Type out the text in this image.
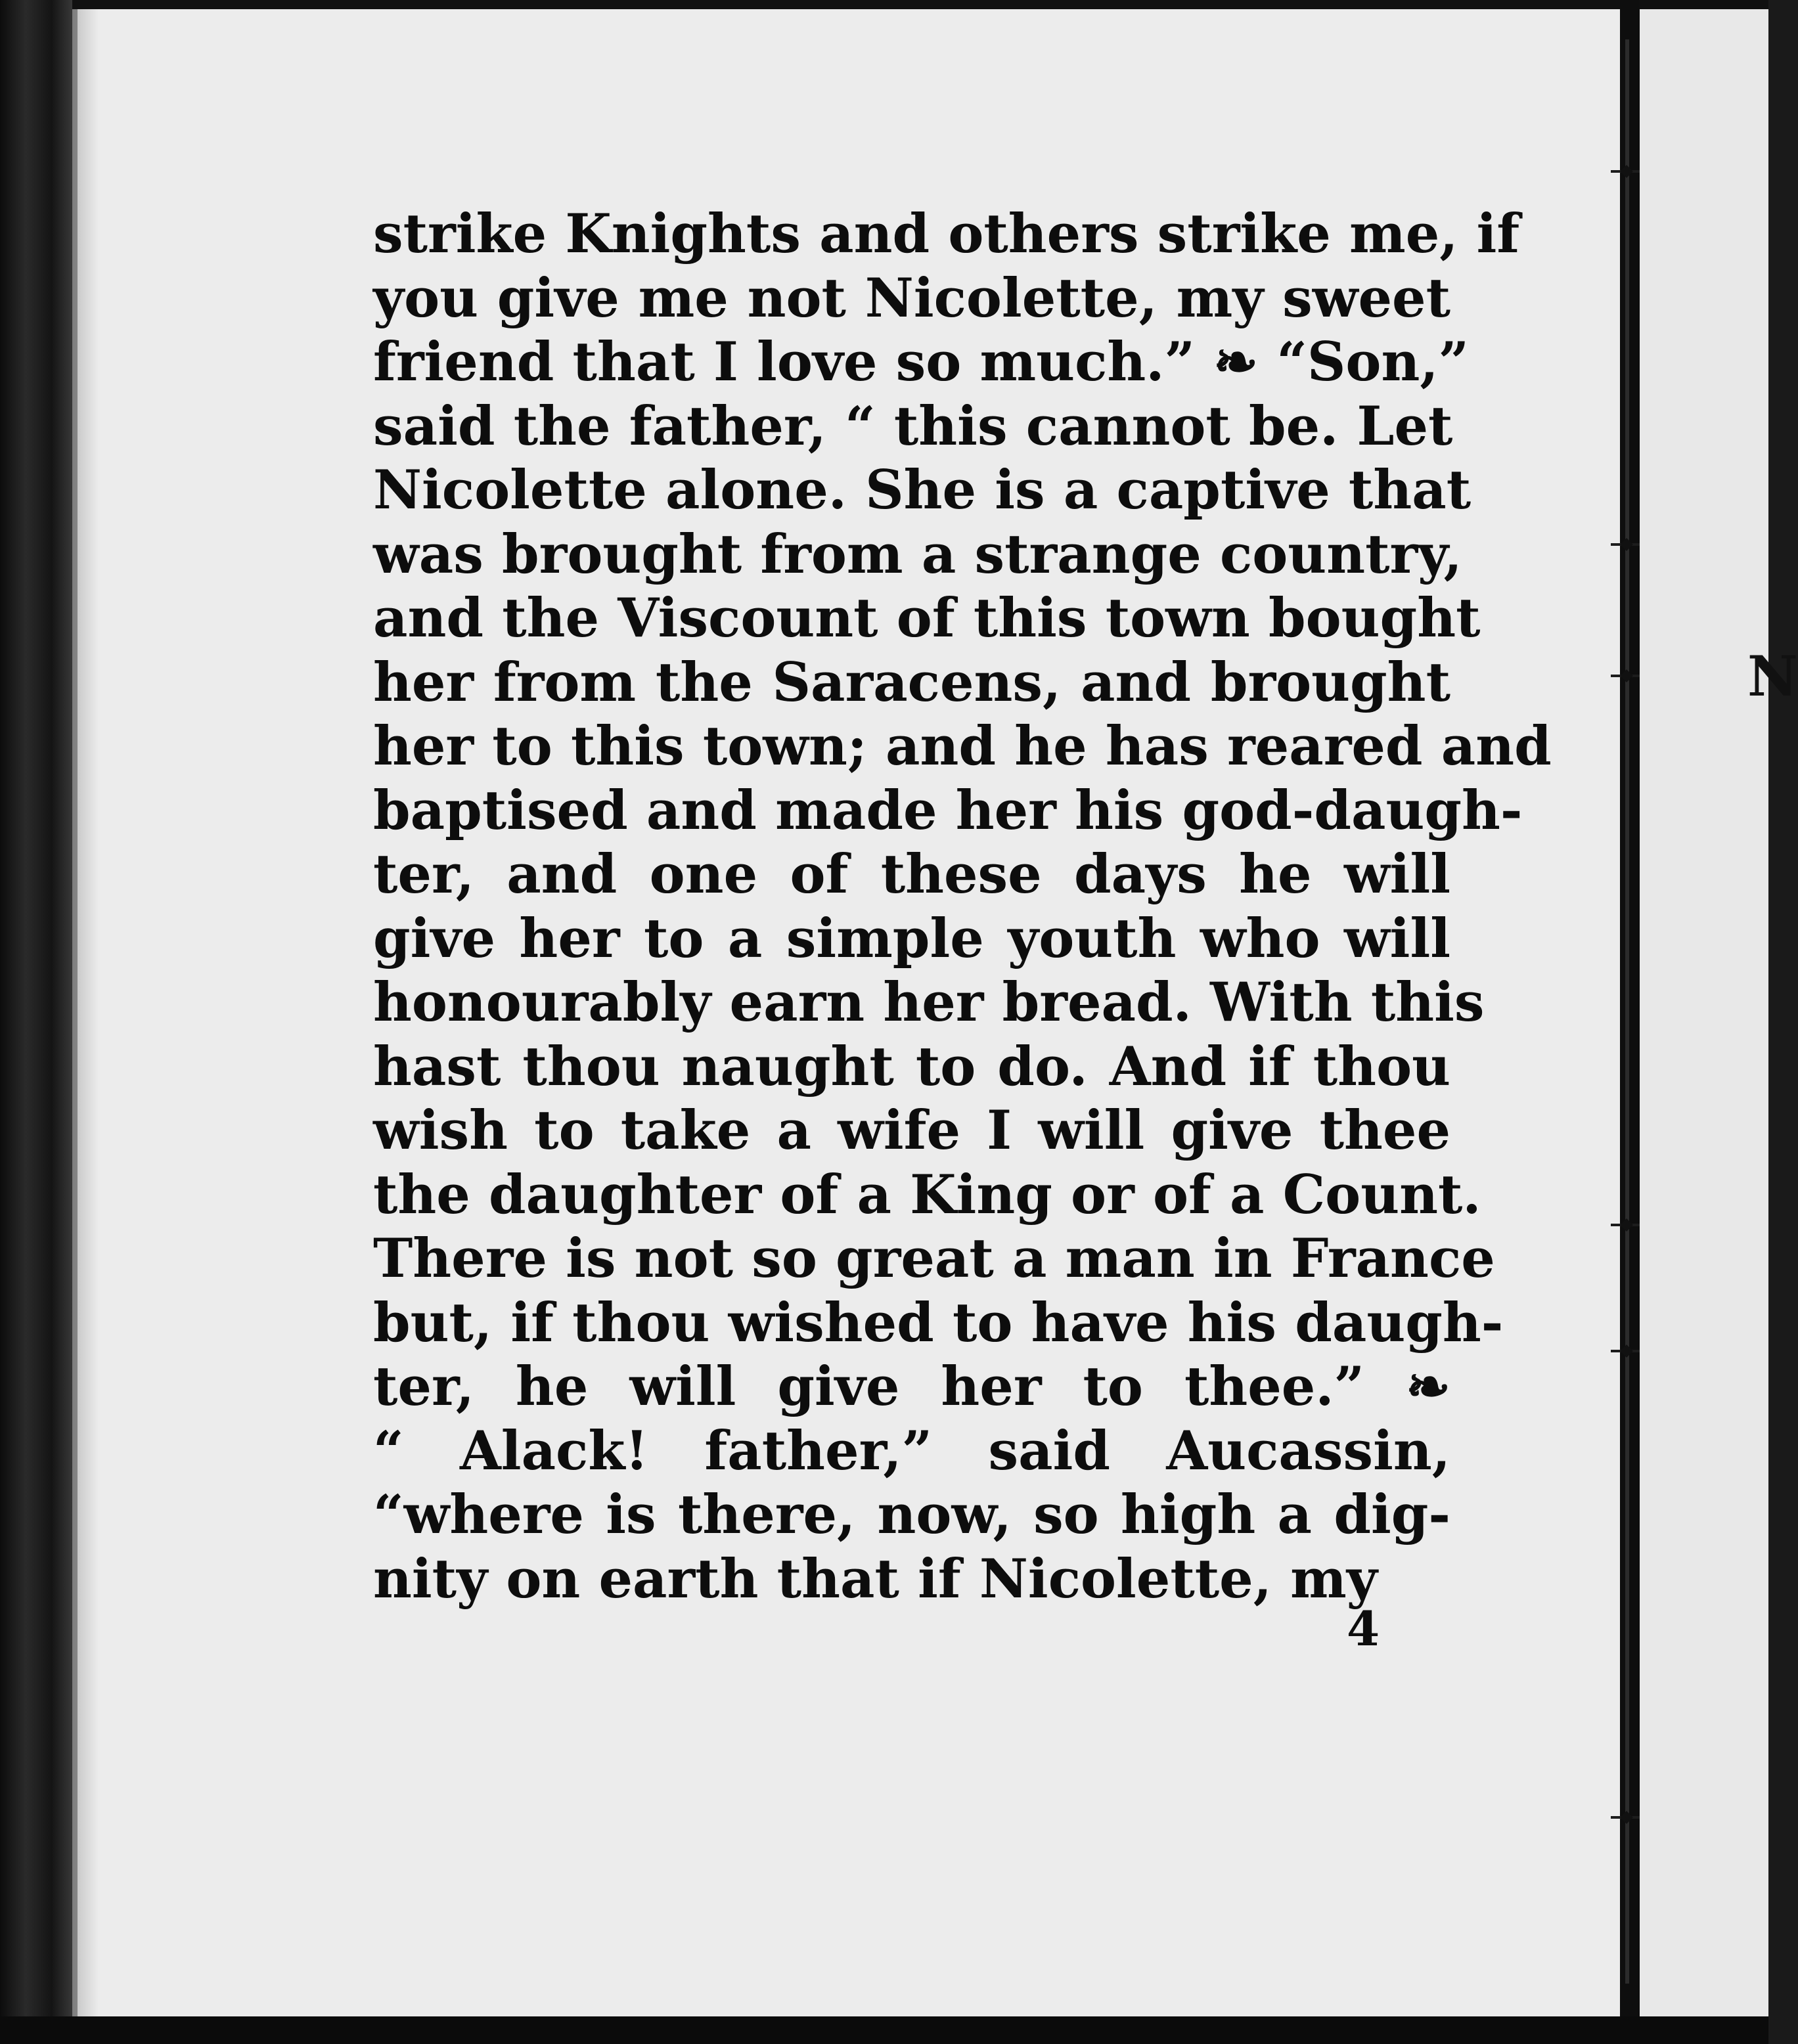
strike Knights and others strike me, if
you give me not Nicolette, my sweet
friend that I love so much.” ❧ “Son,”
said the father, “ this cannot be. Let
Nicolette alone. She is a captive that
was brought from a strange country,
and the Viscount of this town bought
her from the Saracens, and brought
her to this town; and he has reared and
baptised and made her his god-daugh-
ter, and one of these days he will
give her to a simple youth who will
honourably earn her bread. With this
hast thou naught to do. And if thou
wish to take a wife I will give thee
the daughter of a King or of a Count.
There is not so great a man in France
but, if thou wished to have his daugh-
ter, he will give her to thee.” ❧
“ Alack! father,” said Aucassin,
“where is there, now, so high a dig-
nity on earth that if Nicolette, my
4
N
